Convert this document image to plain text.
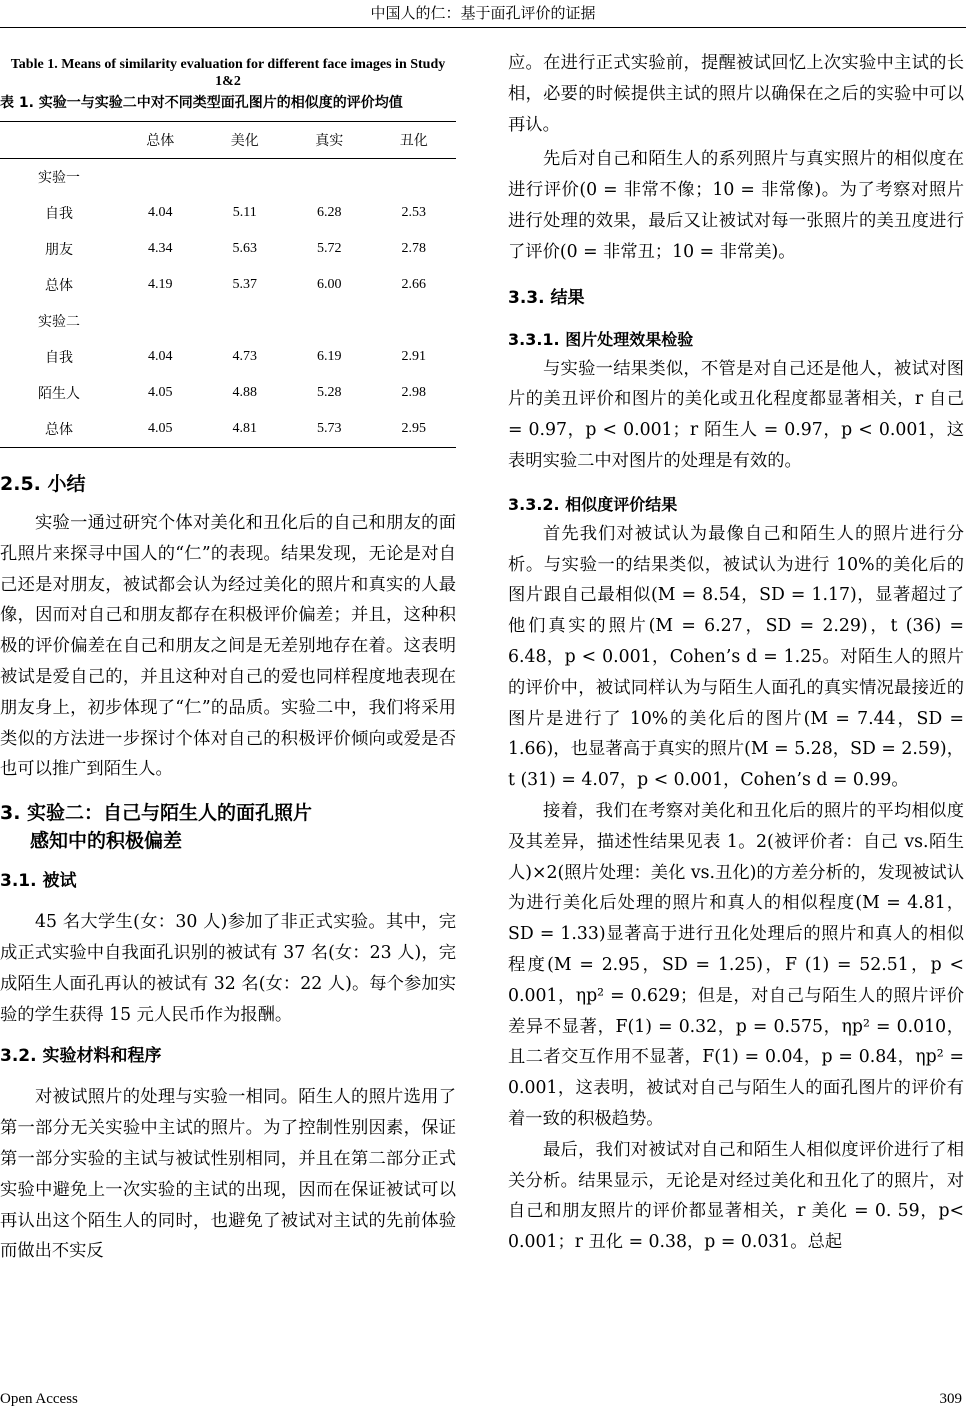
中国人的仁：基于面孔评价的证据
Table 1. Means of similarity evaluation for different face images in Study 1&2
表 1. 实验一与实验二中对不同类型面孔图片的相似度的评价均值
	总体	美化	真实	丑化
实验一				
自我	4.04	5.11	6.28	2.53
朋友	4.34	5.63	5.72	2.78
总体	4.19	5.37	6.00	2.66
实验二				
自我	4.04	4.73	6.19	2.91
陌生人	4.05	4.88	5.28	2.98
总体	4.05	4.81	5.73	2.95
2.5. 小结

实验一通过研究个体对美化和丑化后的自己和朋友的面孔照片来探寻中国人的“仁”的表现。结果发现，无论是对自己还是对朋友，被试都会认为经过美化的照片和真实的人最像，因而对自己和朋友都存在积极评价偏差；并且，这种积极的评价偏差在自己和朋友之间是无差别地存在着。这表明被试是爱自己的，并且这种对自己的爱也同样程度地表现在朋友身上，初步体现了“仁”的品质。实验二中，我们将采用类似的方法进一步探讨个体对自己的积极评价倾向或爱是否也可以推广到陌生人。

3. 实验二：自己与陌生人的面孔照片
感知中的积极偏差
3.1. 被试

45 名大学生(女：30 人)参加了非正式实验。其中，完成正式实验中自我面孔识别的被试有 37 名(女：23 人)，完成陌生人面孔再认的被试有 32 名(女：22 人)。每个参加实验的学生获得 15 元人民币作为报酬。

3.2. 实验材料和程序

对被试照片的处理与实验一相同。陌生人的照片选用了第一部分无关实验中主试的照片。为了控制性别因素，保证第一部分实验的主试与被试性别相同，并且在第二部分正式实验中避免上一次实验的主试的出现，因而在保证被试可以再认出这个陌生人的同时，也避免了被试对主试的先前体验而做出不实反

应。在进行正式实验前，提醒被试回忆上次实验中主试的长相，必要的时候提供主试的照片以确保在之后的实验中可以再认。

先后对自己和陌生人的系列照片与真实照片的相似度在进行评价(0 = 非常不像；10 = 非常像)。为了考察对照片进行处理的效果，最后又让被试对每一张照片的美丑度进行了评价(0 = 非常丑；10 = 非常美)。

3.3. 结果
3.3.1. 图片处理效果检验

与实验一结果类似，不管是对自己还是他人，被试对图片的美丑评价和图片的美化或丑化程度都显著相关，r 自己 = 0.97，p < 0.001；r 陌生人 = 0.97，p < 0.001，这表明实验二中对图片的处理是有效的。

3.3.2. 相似度评价结果

首先我们对被试认为最像自己和陌生人的照片进行分析。与实验一的结果类似，被试认为进行 10%的美化后的图片跟自己最相似(M = 8.54，SD = 1.17)，显著超过了他们真实的照片(M = 6.27，SD = 2.29)，t (36) = 6.48，p < 0.001，Cohen’s d = 1.25。对陌生人的照片的评价中，被试同样认为与陌生人面孔的真实情况最接近的图片是进行了 10%的美化后的图片(M = 7.44，SD = 1.66)，也显著高于真实的照片(M = 5.28，SD = 2.59)，t (31) = 4.07，p < 0.001，Cohen’s d = 0.99。

接着，我们在考察对美化和丑化后的照片的平均相似度及其差异，描述性结果见表 1。2(被评价者：自己 vs.陌生人)×2(照片处理：美化 vs.丑化)的方差分析的，发现被试认为进行美化后处理的照片和真人的相似程度(M = 4.81，SD = 1.33)显著高于进行丑化处理后的照片和真人的相似程度(M = 2.95，SD = 1.25)，F (1) = 52.51，p < 0.001，ηp² = 0.629；但是，对自己与陌生人的照片评价差异不显著，F(1) = 0.32，p = 0.575，ηp² = 0.010，且二者交互作用不显著，F(1) = 0.04，p = 0.84，ηp² = 0.001，这表明，被试对自己与陌生人的面孔图片的评价有着一致的积极趋势。

最后，我们对被试对自己和陌生人相似度评价进行了相关分析。结果显示，无论是对经过美化和丑化了的照片，对自己和朋友照片的评价都显著相关，r 美化 = 0. 59，p< 0.001；r 丑化 = 0.38，p = 0.031。总起

Open Access	309
